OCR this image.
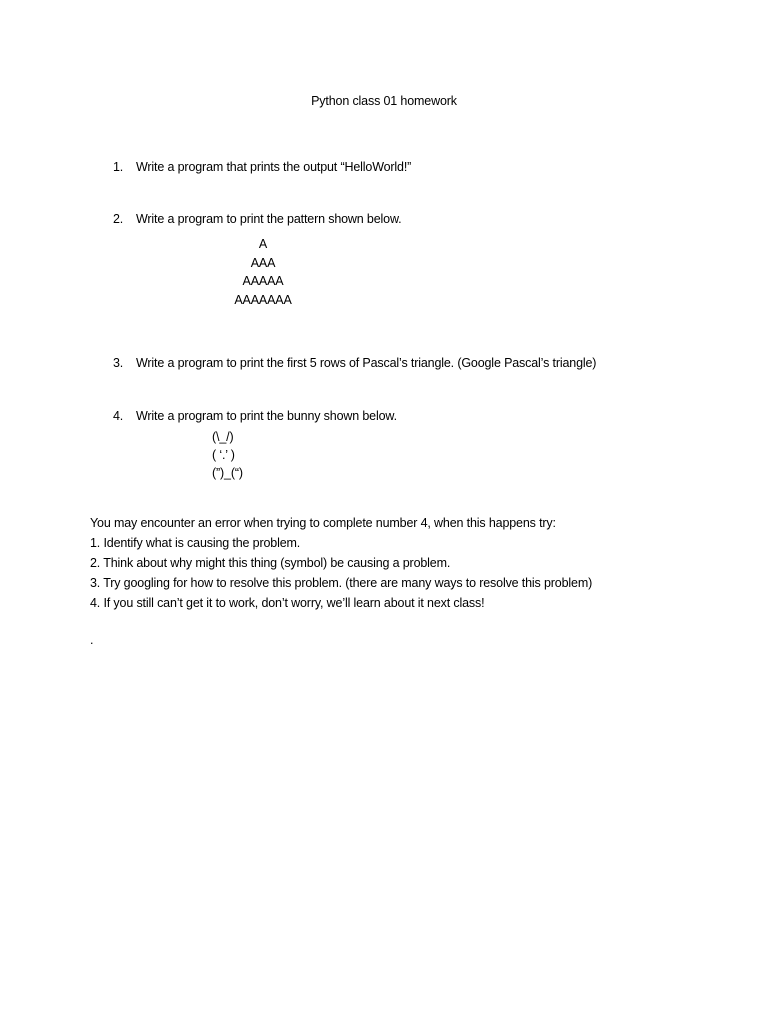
Python class 01 homework
1. Write a program that prints the output “HelloWorld!”
2. Write a program to print the pattern shown below.
A
AAA
AAAAA
AAAAAAA
3. Write a program to print the first 5 rows of Pascal’s triangle. (Google Pascal’s triangle)
4. Write a program to print the bunny shown below.
(\_/)
( ‘.’ )
(”)_(“)
You may encounter an error when trying to complete number 4, when this happens try:
1. Identify what is causing the problem.
2. Think about why might this thing (symbol) be causing a problem.
3. Try googling for how to resolve this problem. (there are many ways to resolve this problem)
4. If you still can’t get it to work, don’t worry, we’ll learn about it next class!
.
